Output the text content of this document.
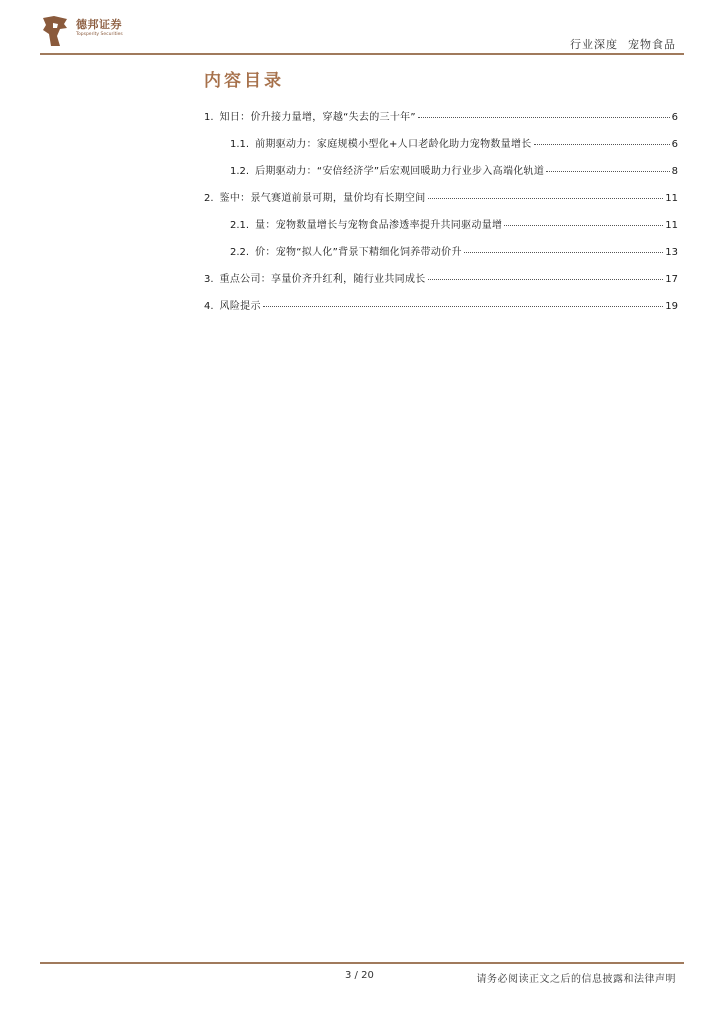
德邦证券
Topsperity Securities
行业深度 宠物食品
内容目录
1. 知日：价升接力量增，穿越“失去的三十年”	6
1.1. 前期驱动力：家庭规模小型化+人口老龄化助力宠物数量增长	6
1.2. 后期驱动力：“安倍经济学”后宏观回暖助力行业步入高端化轨道	8
2. 鉴中：景气赛道前景可期，量价均有长期空间	11
2.1. 量：宠物数量增长与宠物食品渗透率提升共同驱动量增	11
2.2. 价：宠物“拟人化”背景下精细化饲养带动价升	13
3. 重点公司：享量价齐升红利，随行业共同成长	17
4. 风险提示	19
3 / 20	请务必阅读正文之后的信息披露和法律声明
